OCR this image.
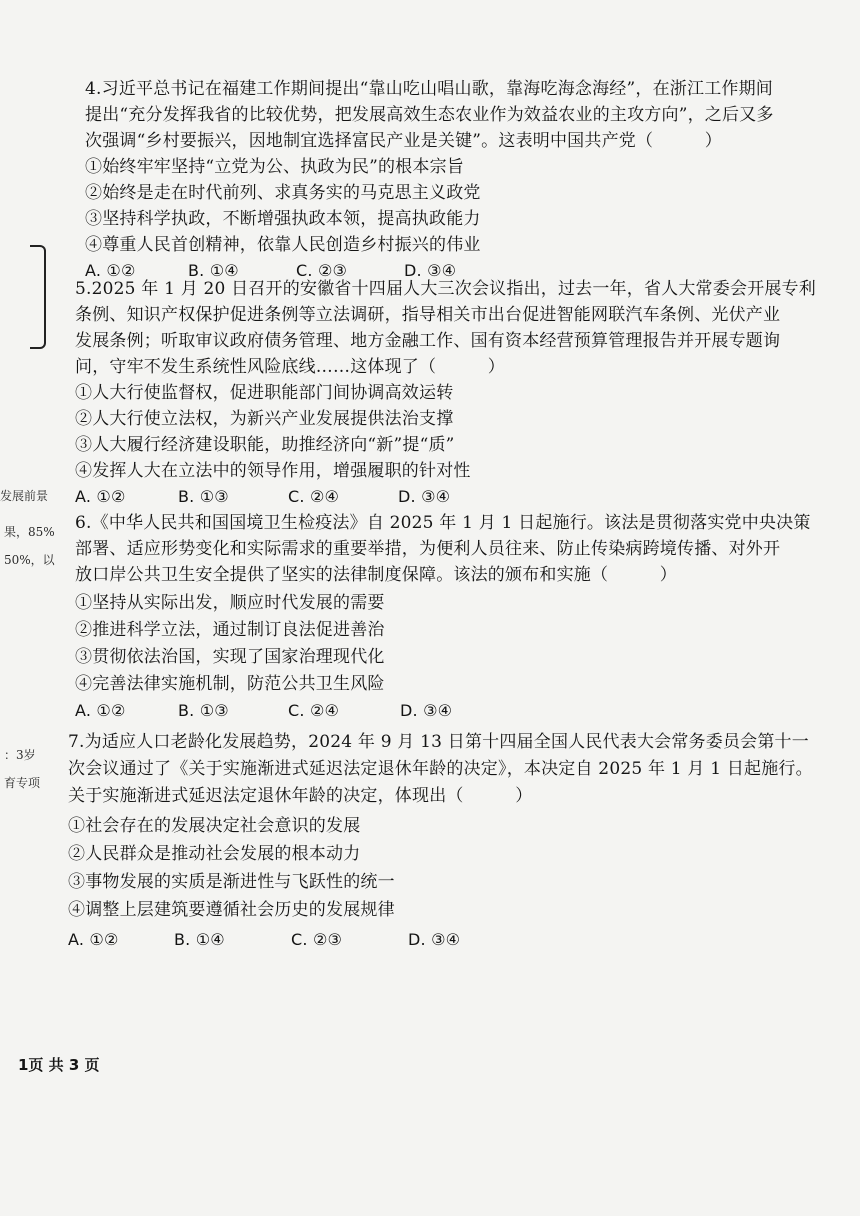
发展前景
果，85%
50%，以
：3岁
育专项
4.习近平总书记在福建工作期间提出“靠山吃山唱山歌，靠海吃海念海经”，在浙江工作期间
提出“充分发挥我省的比较优势，把发展高效生态农业作为效益农业的主攻方向”，之后又多
次强调“乡村要振兴，因地制宜选择富民产业是关键”。这表明中国共产党（　　　）
①始终牢牢坚持“立党为公、执政为民”的根本宗旨
②始终是走在时代前列、求真务实的马克思主义政党
③坚持科学执政，不断增强执政本领，提高执政能力
④尊重人民首创精神，依靠人民创造乡村振兴的伟业
A. ①②	B. ①④	C. ②③	D. ③④
5.2025 年 1 月 20 日召开的安徽省十四届人大三次会议指出，过去一年，省人大常委会开展专利
条例、知识产权保护促进条例等立法调研，指导相关市出台促进智能网联汽车条例、光伏产业
发展条例；听取审议政府债务管理、地方金融工作、国有资本经营预算管理报告并开展专题询
问，守牢不发生系统性风险底线……这体现了（　　　）
①人大行使监督权，促进职能部门间协调高效运转
②人大行使立法权，为新兴产业发展提供法治支撑
③人大履行经济建设职能，助推经济向“新”提“质”
④发挥人大在立法中的领导作用，增强履职的针对性
A. ①②	B. ①③	C. ②④	D. ③④
6.《中华人民共和国国境卫生检疫法》自 2025 年 1 月 1 日起施行。该法是贯彻落实党中央决策
部署、适应形势变化和实际需求的重要举措，为便利人员往来、防止传染病跨境传播、对外开
放口岸公共卫生安全提供了坚实的法律制度保障。该法的颁布和实施（　　　）
①坚持从实际出发，顺应时代发展的需要
②推进科学立法，通过制订良法促进善治
③贯彻依法治国，实现了国家治理现代化
④完善法律实施机制，防范公共卫生风险
A. ①②	B. ①③	C. ②④	D. ③④
7.为适应人口老龄化发展趋势，2024 年 9 月 13 日第十四届全国人民代表大会常务委员会第十一
次会议通过了《关于实施渐进式延迟法定退休年龄的决定》，本决定自 2025 年 1 月 1 日起施行。
关于实施渐进式延迟法定退休年龄的决定，体现出（　　　）
①社会存在的发展决定社会意识的发展
②人民群众是推动社会发展的根本动力
③事物发展的实质是渐进性与飞跃性的统一
④调整上层建筑要遵循社会历史的发展规律
A. ①②	B. ①④	C. ②③	D. ③④
1页 共 3 页
